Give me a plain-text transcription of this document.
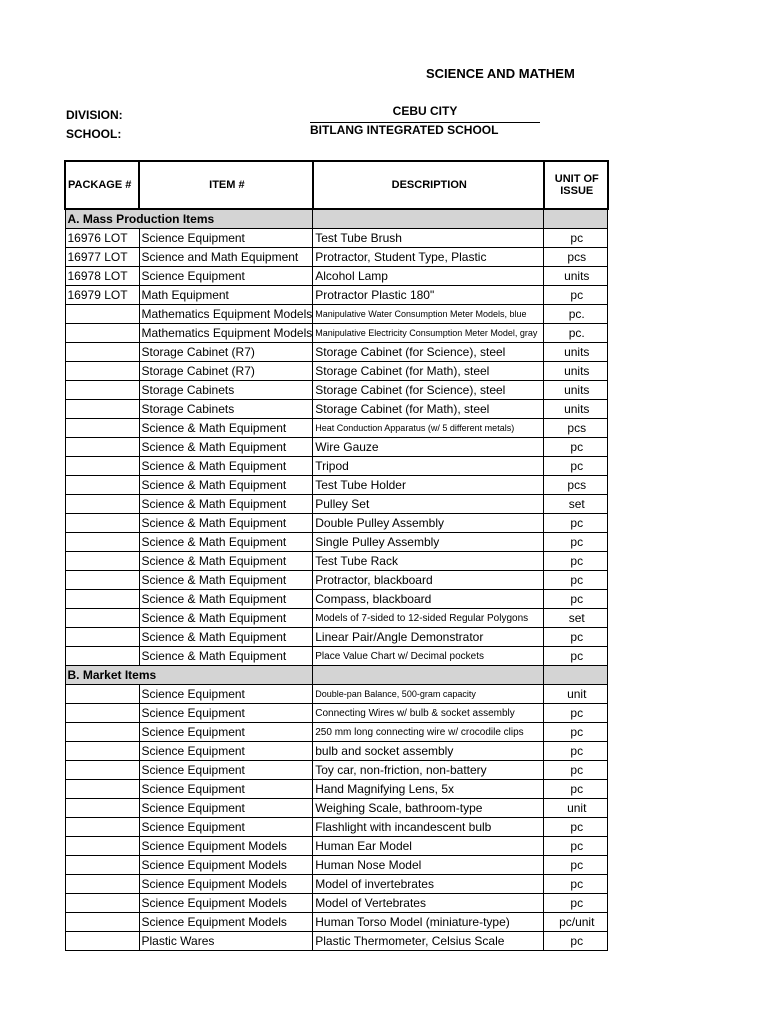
SCIENCE AND MATHEM
DIVISION:	CEBU CITY
SCHOOL:	BITLANG INTEGRATED SCHOOL
PACKAGE #	ITEM #	DESCRIPTION	UNIT OF ISSUE
A. Mass Production Items			
16976 LOT	Science Equipment	Test Tube Brush	pc
16977 LOT	Science and Math Equipment	Protractor, Student Type, Plastic	pcs
16978 LOT	Science Equipment	Alcohol Lamp	units
16979 LOT	Math Equipment	Protractor Plastic 180"	pc
	Mathematics Equipment Models	Manipulative Water Consumption Meter Models, blue	pc.
	Mathematics Equipment Models	Manipulative Electricity Consumption Meter Model, gray	pc.
	Storage Cabinet (R7)	Storage Cabinet (for Science), steel	units
	Storage Cabinet (R7)	Storage Cabinet (for Math), steel	units
	Storage Cabinets	Storage Cabinet (for Science), steel	units
	Storage Cabinets	Storage Cabinet (for Math), steel	units
	Science & Math Equipment	Heat Conduction Apparatus (w/ 5 different metals)	pcs
	Science & Math Equipment	Wire Gauze	pc
	Science & Math Equipment	Tripod	pc
	Science & Math Equipment	Test Tube Holder	pcs
	Science & Math Equipment	Pulley Set	set
	Science & Math Equipment	Double Pulley Assembly	pc
	Science & Math Equipment	Single Pulley Assembly	pc
	Science & Math Equipment	Test Tube Rack	pc
	Science & Math Equipment	Protractor, blackboard	pc
	Science & Math Equipment	Compass, blackboard	pc
	Science & Math Equipment	Models of 7-sided to 12-sided Regular Polygons	set
	Science & Math Equipment	Linear Pair/Angle Demonstrator	pc
	Science & Math Equipment	Place Value Chart w/ Decimal pockets	pc
B. Market Items			
	Science Equipment	Double-pan Balance, 500-gram capacity	unit
	Science Equipment	Connecting Wires w/ bulb & socket assembly	pc
	Science Equipment	250 mm long connecting wire w/ crocodile clips	pc
	Science Equipment	bulb and socket assembly	pc
	Science Equipment	Toy car, non-friction, non-battery	pc
	Science Equipment	Hand Magnifying Lens, 5x	pc
	Science Equipment	Weighing Scale, bathroom-type	unit
	Science Equipment	Flashlight with incandescent bulb	pc
	Science Equipment Models	Human Ear Model	pc
	Science Equipment Models	Human Nose Model	pc
	Science Equipment Models	Model of invertebrates	pc
	Science Equipment Models	Model of Vertebrates	pc
	Science Equipment Models	Human Torso Model (miniature-type)	pc/unit
	Plastic Wares	Plastic Thermometer, Celsius Scale	pc
